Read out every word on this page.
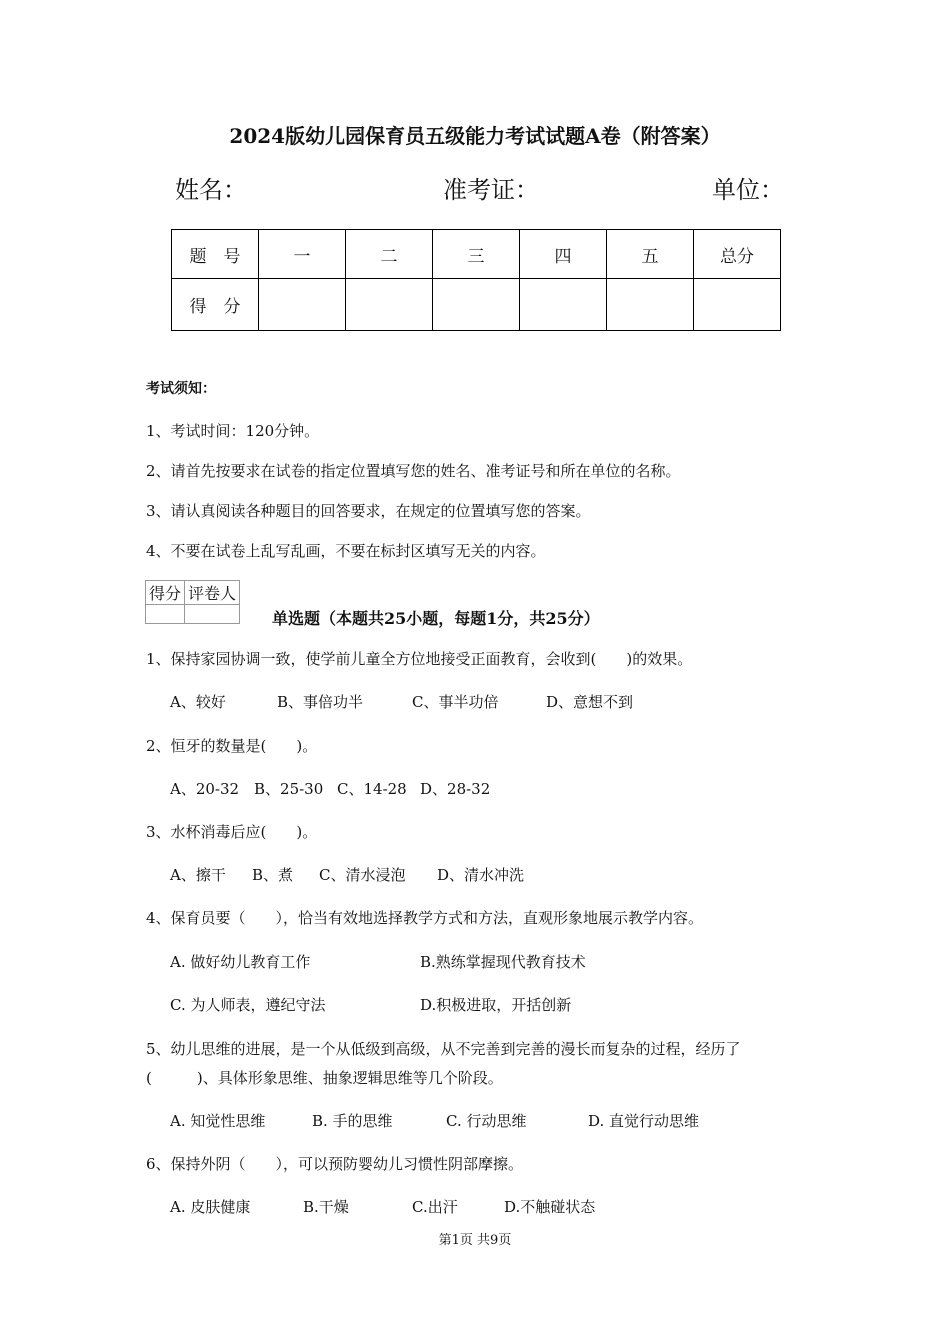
2024版幼儿园保育员五级能力考试试题A卷（附答案）
姓名：	准考证：	单位：
题　号	一	二	三	四	五	总分
得　分						
考试须知：
1、考试时间：120分钟。
2、请首先按要求在试卷的指定位置填写您的姓名、准考证号和所在单位的名称。
3、请认真阅读各种题目的回答要求，在规定的位置填写您的答案。
4、不要在试卷上乱写乱画，不要在标封区填写无关的内容。
得分	评卷人

单选题（本题共25小题，每题1分，共25分）
1、保持家园协调一致，使学前儿童全方位地接受正面教育，会收到(　　)的效果。
A、较好	B、事倍功半	C、事半功倍	D、意想不到
2、恒牙的数量是(　　)。
A、20-32 B、25-30 C、14-28 D、28-32
3、水杯消毒后应(　　)。
A、擦干 B、煮 C、清水浸泡 D、清水冲洗
4、保育员要（　　），恰当有效地选择教学方式和方法，直观形象地展示教学内容。
A. 做好幼儿教育工作	B.熟练掌握现代教育技术
C. 为人师表，遵纪守法	D.积极进取，开括创新
5、幼儿思维的进展，是一个从低级到高级，从不完善到完善的漫长而复杂的过程，经历了
(　　　)、具体形象思维、抽象逻辑思维等几个阶段。
A. 知觉性思维	B. 手的思维	C. 行动思维	D. 直觉行动思维
6、保持外阴（　　），可以预防婴幼儿习惯性阴部摩擦。
A. 皮肤健康	B.干燥	C.出汗	D.不触碰状态
第1页 共9页
